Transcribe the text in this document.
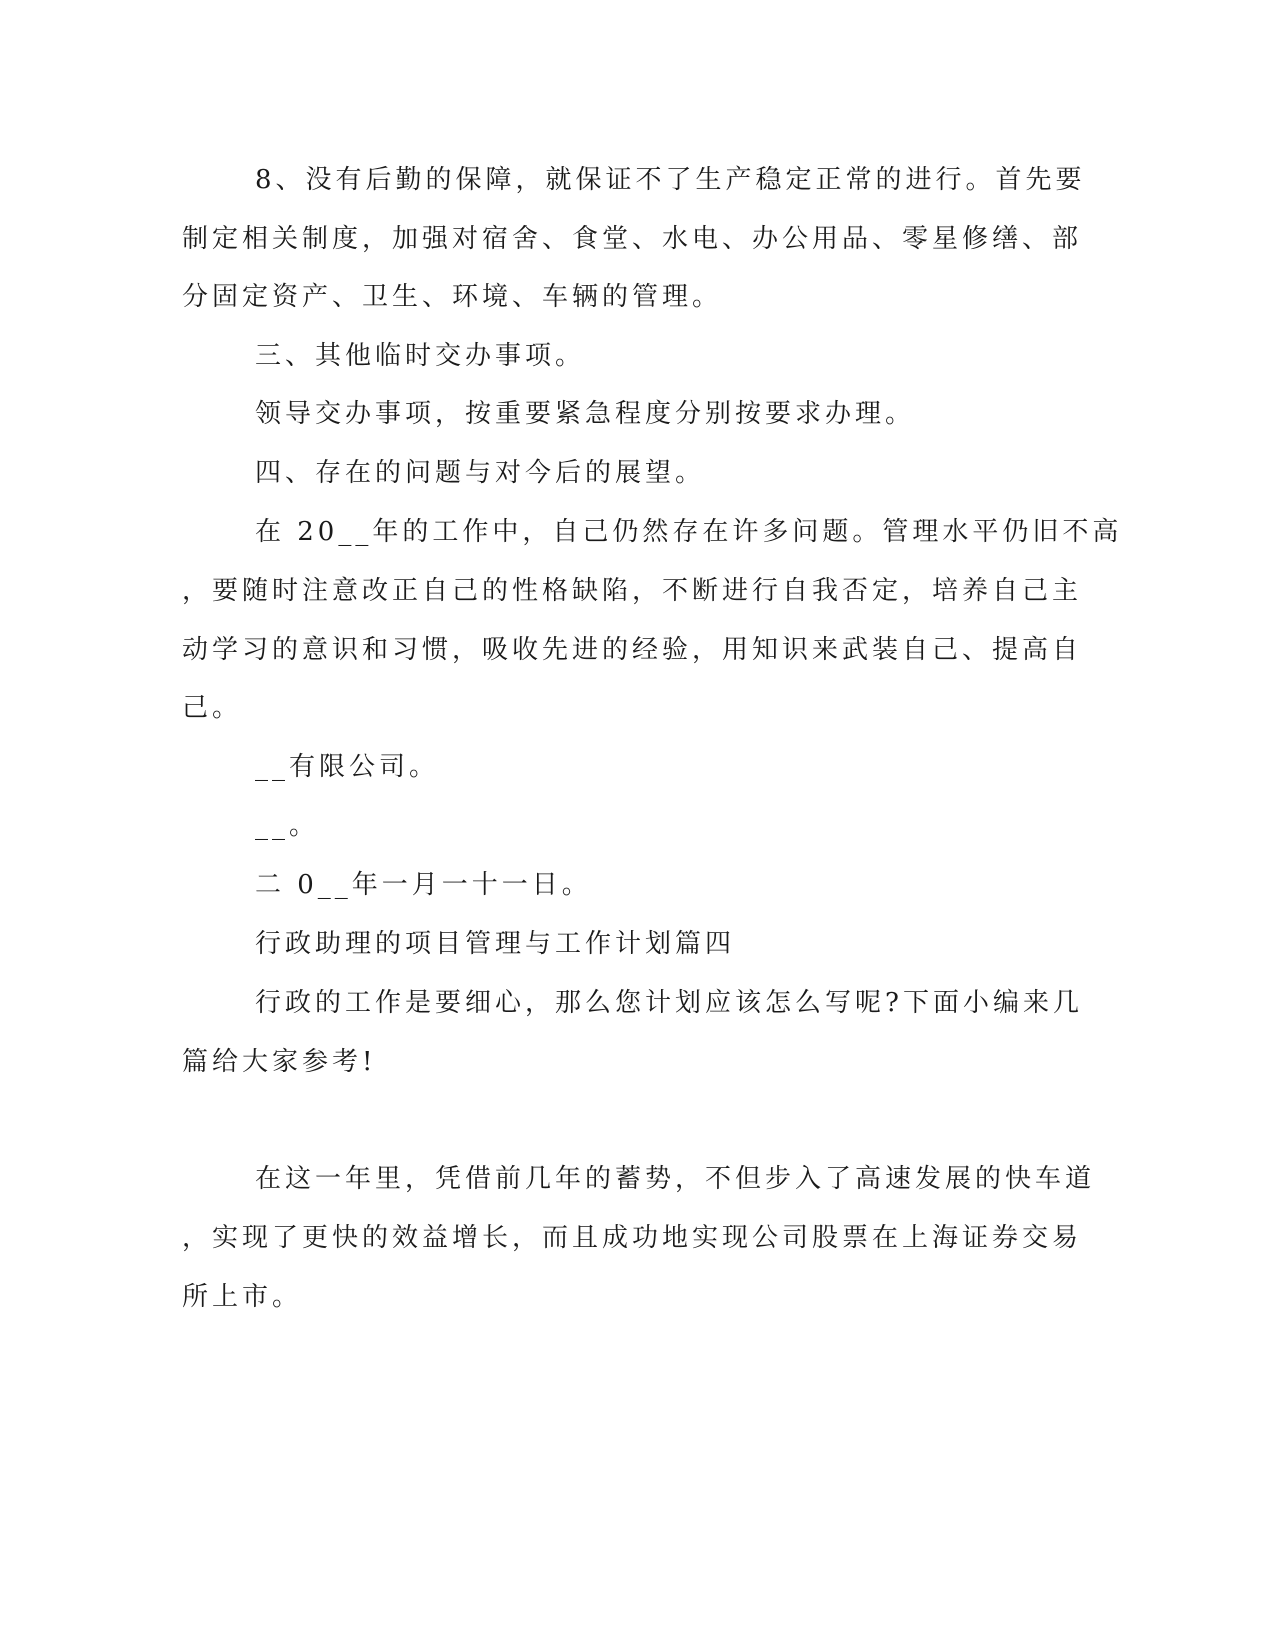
8、没有后勤的保障，就保证不了生产稳定正常的进行。首先要
制定相关制度，加强对宿舍、食堂、水电、办公用品、零星修缮、部
分固定资产、卫生、环境、车辆的管理。
三、其他临时交办事项。
领导交办事项，按重要紧急程度分别按要求办理。
四、存在的问题与对今后的展望。
在 20__年的工作中，自己仍然存在许多问题。管理水平仍旧不高
，要随时注意改正自己的性格缺陷，不断进行自我否定，培养自己主
动学习的意识和习惯，吸收先进的经验，用知识来武装自己、提高自
己。
__有限公司。
__。
二 0__年一月一十一日。
行政助理的项目管理与工作计划篇四
行政的工作是要细心，那么您计划应该怎么写呢?下面小编来几
篇给大家参考!
在这一年里，凭借前几年的蓄势，不但步入了高速发展的快车道
，实现了更快的效益增长，而且成功地实现公司股票在上海证券交易
所上市。
